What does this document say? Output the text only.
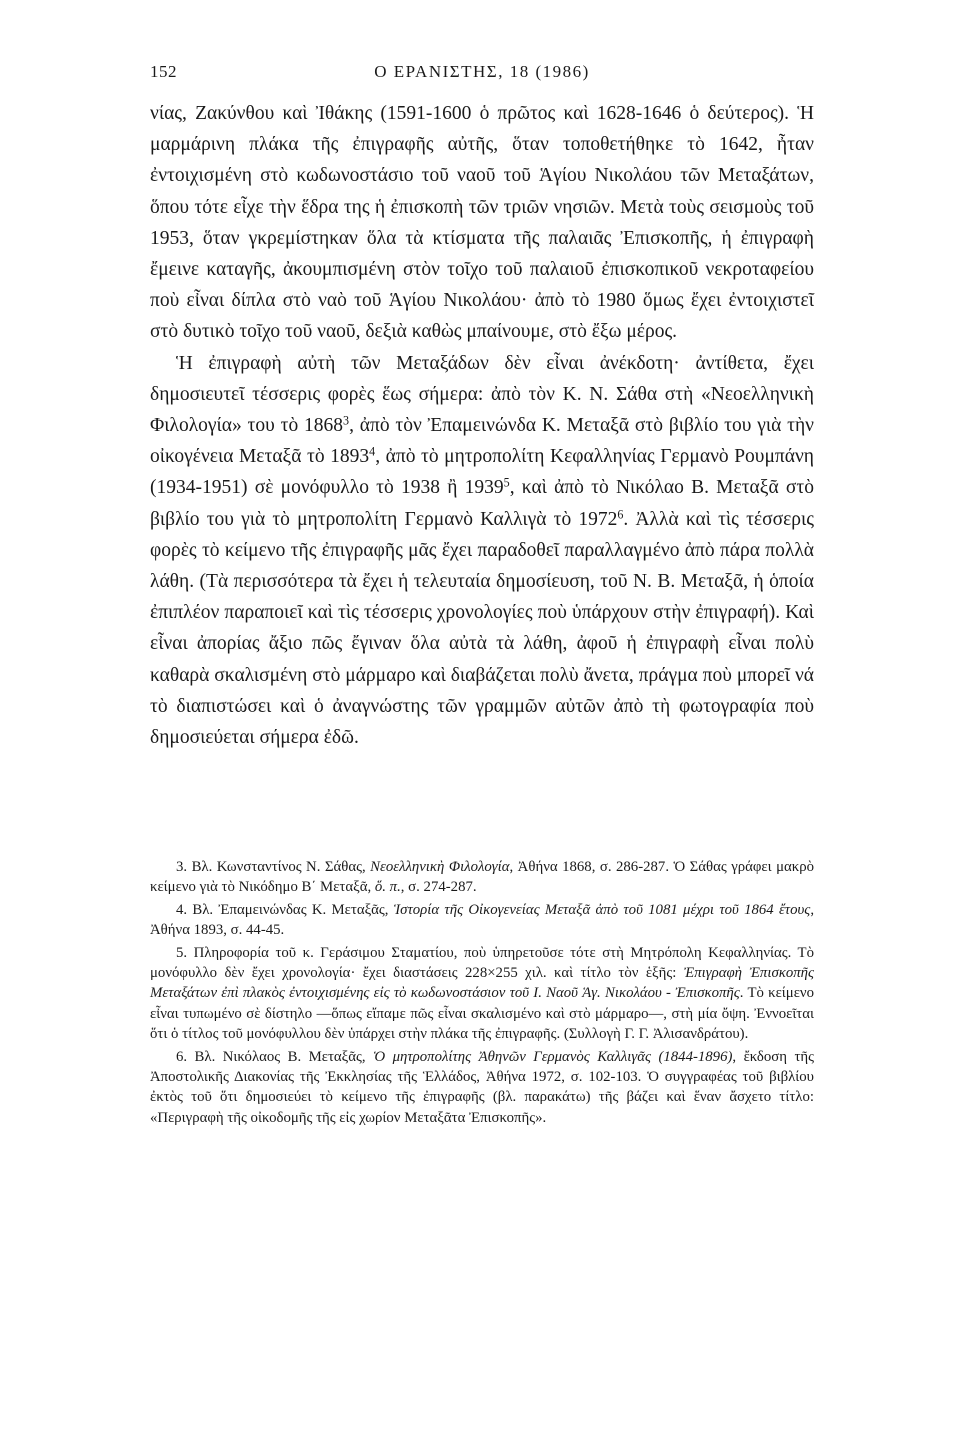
152	Ο ΕΡΑΝΙΣΤΗΣ, 18 (1986)

νίας, Ζακύνθου καὶ Ἰθάκης (1591-1600 ὁ πρῶτος καὶ 1628-1646 ὁ δεύτερος). Ἡ μαρμάρινη πλάκα τῆς ἐπιγραφῆς αὐτῆς, ὅταν τοποθετήθηκε τὸ 1642, ἦταν ἐντοιχισμένη στὸ κωδωνοστάσιο τοῦ ναοῦ τοῦ Ἁγίου Νικολάου τῶν Μεταξάτων, ὅπου τότε εἶχε τὴν ἕδρα της ἡ ἐπισκοπὴ τῶν τριῶν νησιῶν. Μετὰ τοὺς σεισμοὺς τοῦ 1953, ὅταν γκρεμίστηκαν ὅλα τὰ κτίσματα τῆς παλαιᾶς Ἐπισκοπῆς, ἡ ἐπιγραφὴ ἔμεινε καταγῆς, ἀκουμπισμένη στὸν τοῖχο τοῦ παλαιοῦ ἐπισκοπικοῦ νεκροταφείου ποὺ εἶναι δίπλα στὸ ναὸ τοῦ Ἁγίου Νικολάου· ἀπὸ τὸ 1980 ὅμως ἔχει ἐντοιχιστεῖ στὸ δυτικὸ τοῖχο τοῦ ναοῦ, δεξιὰ καθὼς μπαίνουμε, στὸ ἔξω μέρος.

Ἡ ἐπιγραφὴ αὐτὴ τῶν Μεταξάδων δὲν εἶναι ἀνέκδοτη· ἀντίθετα, ἔχει δημοσιευτεῖ τέσσερις φορὲς ἕως σήμερα: ἀπὸ τὸν Κ. Ν. Σάθα στὴ «Νεοελληνικὴ Φιλολογία» του τὸ 1868$^3$, ἀπὸ τὸν Ἐπαμεινώνδα Κ. Μεταξᾶ στὸ βιβλίο του γιὰ τὴν οἰκογένεια Μεταξᾶ τὸ 1893$^4$, ἀπὸ τὸ μητροπολίτη Κεφαλληνίας Γερμανὸ Ρουμπάνη (1934-1951) σὲ μονόφυλλο τὸ 1938 ἢ 1939$^5$, καὶ ἀπὸ τὸ Νικόλαο Β. Μεταξᾶ στὸ βιβλίο του γιὰ τὸ μητροπολίτη Γερμανὸ Καλλιγὰ τὸ 1972$^6$. Ἀλλὰ καὶ τὶς τέσσερις φορὲς τὸ κείμενο τῆς ἐπιγραφῆς μᾶς ἔχει παραδοθεῖ παραλλαγμένο ἀπὸ πάρα πολλὰ λάθη. (Τὰ περισσότερα τὰ ἔχει ἡ τελευταία δημοσίευση, τοῦ Ν. Β. Μεταξᾶ, ἡ ὁποία ἐπιπλέον παραποιεῖ καὶ τὶς τέσσερις χρονολογίες ποὺ ὑπάρχουν στὴν ἐπιγραφή). Καὶ εἶναι ἀπορίας ἄξιο πῶς ἔγιναν ὅλα αὐτὰ τὰ λάθη, ἀφοῦ ἡ ἐπιγραφὴ εἶναι πολὺ καθαρὰ σκαλισμένη στὸ μάρμαρο καὶ διαβάζεται πολὺ ἄνετα, πράγμα ποὺ μπορεῖ νά τὸ διαπιστώσει καὶ ὁ ἀναγνώστης τῶν γραμμῶν αὐτῶν ἀπὸ τὴ φωτογραφία ποὺ δημοσιεύεται σήμερα ἐδῶ.

3. Βλ. Κωνσταντίνος Ν. Σάθας, Νεοελληνικὴ Φιλολογία, Ἀθήνα 1868, σ. 286-287. Ὁ Σάθας γράφει μακρὸ κείμενο γιὰ τὸ Νικόδημο Β΄ Μεταξᾶ, ὅ. π., σ. 274-287.

4. Βλ. Ἐπαμεινώνδας Κ. Μεταξᾶς, Ἱστορία τῆς Οἰκογενείας Μεταξᾶ ἀπὸ τοῦ 1081 μέχρι τοῦ 1864 ἔτους, Ἀθήνα 1893, σ. 44-45.

5. Πληροφορία τοῦ κ. Γεράσιμου Σταματίου, ποὺ ὑπηρετοῦσε τότε στὴ Μητρόπολη Κεφαλληνίας. Τὸ μονόφυλλο δὲν ἔχει χρονολογία· ἔχει διαστάσεις 228×255 χιλ. καὶ τίτλο τὸν ἑξῆς: Ἐπιγραφὴ Ἐπισκοπῆς Μεταξάτων ἐπὶ πλακὸς ἐντοιχισμένης εἰς τὸ κωδωνοστάσιον τοῦ Ι. Ναοῦ Ἁγ. Νικολάου - Ἐπισκοπῆς. Τὸ κείμενο εἶναι τυπωμένο σὲ δίστηλο —ὅπως εἴπαμε πῶς εἶναι σκαλισμένο καὶ στὸ μάρμαρο—, στὴ μία ὄψη. Ἐννοεῖται ὅτι ὁ τίτλος τοῦ μονόφυλλου δὲν ὑπάρχει στὴν πλάκα τῆς ἐπιγραφῆς. (Συλλογὴ Γ. Γ. Ἀλισανδράτου).

6. Βλ. Νικόλαος Β. Μεταξᾶς, Ὁ μητροπολίτης Ἀθηνῶν Γερμανὸς Καλλιγᾶς (1844-1896), ἔκδοση τῆς Ἀποστολικῆς Διακονίας τῆς Ἐκκλησίας τῆς Ἑλλάδος, Ἀθήνα 1972, σ. 102-103. Ὁ συγγραφέας τοῦ βιβλίου ἐκτὸς τοῦ ὅτι δημοσιεύει τὸ κείμενο τῆς ἐπιγραφῆς (βλ. παρακάτω) τῆς βάζει καὶ ἕναν ἄσχετο τίτλο: «Περιγραφὴ τῆς οἰκοδομῆς τῆς εἰς χωρίον Μεταξᾶτα Ἐπισκοπῆς».
